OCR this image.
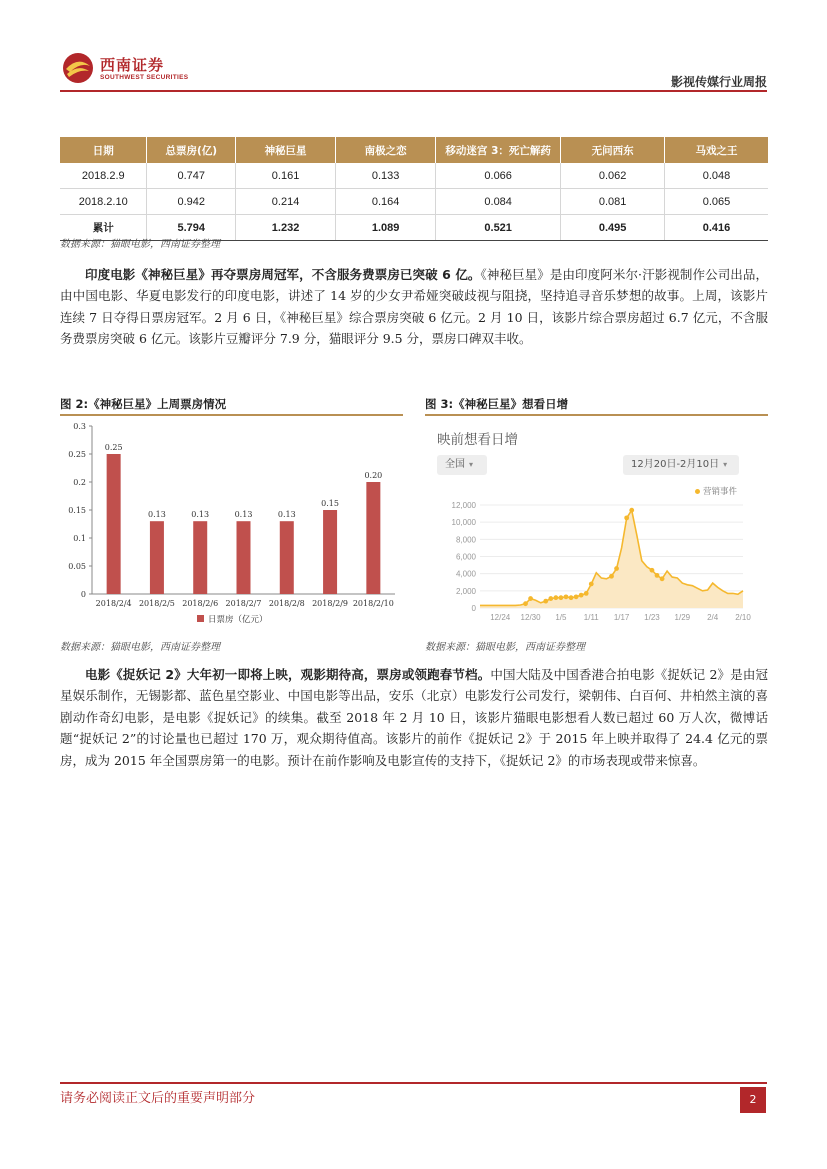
西南证券
SOUTHWEST SECURITIES	影视传媒行业周报
日期	总票房(亿)	神秘巨星	南极之恋	移动迷宫 3：死亡解药	无问西东	马戏之王
2018.2.9	0.747	0.161	0.133	0.066	0.062	0.048
2018.2.10	0.942	0.214	0.164	0.084	0.081	0.065
累计	5.794	1.232	1.089	0.521	0.495	0.416
数据来源：猫眼电影，西南证券整理
印度电影《神秘巨星》再夺票房周冠军，不含服务费票房已突破 6 亿。《神秘巨星》是由印度阿米尔·汗影视制作公司出品，由中国电影、华夏电影发行的印度电影，讲述了 14 岁的少女尹希娅突破歧视与阻挠，坚持追寻音乐梦想的故事。上周，该影片连续 7 日夺得日票房冠军。2 月 6 日，《神秘巨星》综合票房突破 6 亿元。2 月 10 日，该影片综合票房超过 6.7 亿元，不含服务费票房突破 6 亿元。该影片豆瓣评分 7.9 分，猫眼评分 9.5 分，票房口碑双丰收。
图 2:《神秘巨星》上周票房情况
0
0.05
0.1
0.15
0.2
0.25
0.3
0.25
2018/2/4
0.13
2018/2/5
0.13
2018/2/6
0.13
2018/2/7
0.13
2018/2/8
0.15
2018/2/9
0.20
2018/2/10
日票房（亿元）
数据来源：猫眼电影，西南证券整理
图 3:《神秘巨星》想看日增
0
2,000
4,000
6,000
8,000
10,000
12,000
12/24 12/30 1/5 1/11 1/17 1/23 1/29 2/4 2/10
映前想看日增
全国 ▾	12月20日-2月10日 ▾
营销事件
数据来源：猫眼电影，西南证券整理
电影《捉妖记 2》大年初一即将上映，观影期待高，票房或领跑春节档。中国大陆及中国香港合拍电影《捉妖记 2》是由冠星娱乐制作，无锡影都、蓝色星空影业、中国电影等出品，安乐（北京）电影发行公司发行，梁朝伟、白百何、井柏然主演的喜剧动作奇幻电影，是电影《捉妖记》的续集。截至 2018 年 2 月 10 日，该影片猫眼电影想看人数已超过 60 万人次，微博话题“捉妖记 2”的讨论量也已超过 170 万，观众期待值高。该影片的前作《捉妖记 2》于 2015 年上映并取得了 24.4 亿元的票房，成为 2015 年全国票房第一的电影。预计在前作影响及电影宣传的支持下，《捉妖记 2》的市场表现或带来惊喜。
请务必阅读正文后的重要声明部分	2
